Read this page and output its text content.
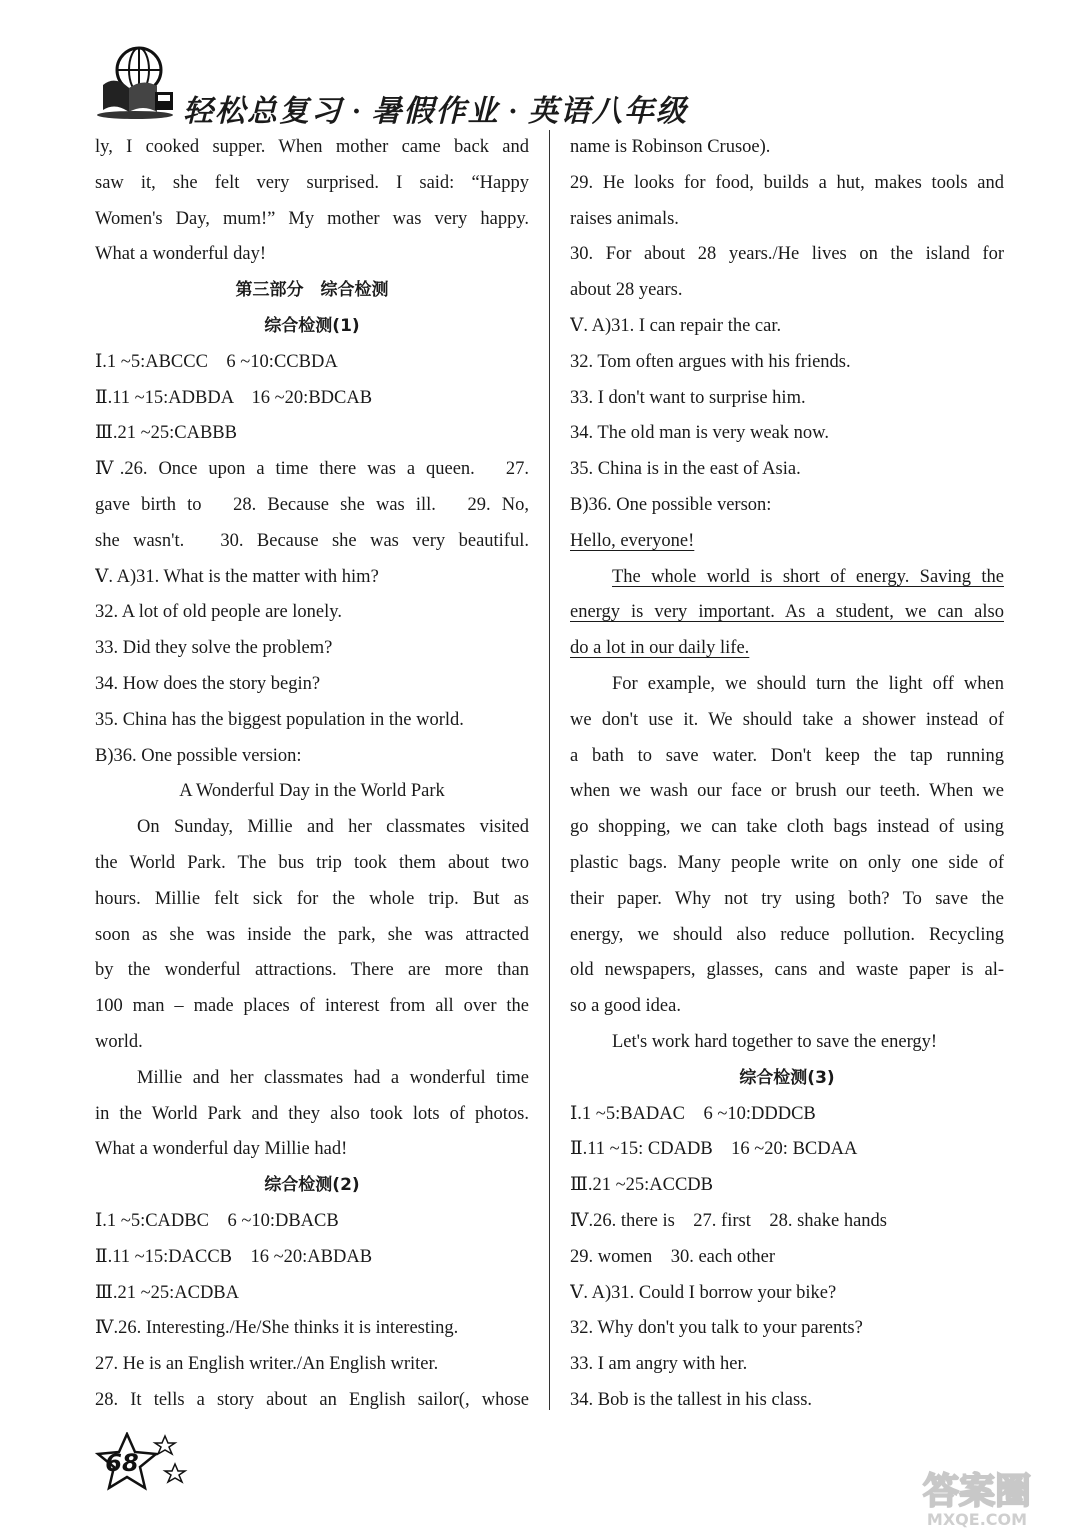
轻松总复习 · 暑假作业 · 英语八年级
ly, I cooked supper. When mother came back and
saw it, she felt very surprised. I said: “Happy
Women's Day, mum!” My mother was very happy.
What a wonderful day!
第三部分　综合检测
综合检测(1)
Ⅰ.1 ~5:ABCCC　6 ~10:CCBDA
Ⅱ.11 ~15:ADBDA　16 ~20:BDCAB
Ⅲ.21 ~25:CABBB
Ⅳ.26. Once upon a time there was a queen.　27.
gave birth to　28. Because she was ill.　29. No,
she wasn't.　30. Because she was very beautiful.
Ⅴ. A)31. What is the matter with him?
32. A lot of old people are lonely.
33. Did they solve the problem?
34. How does the story begin?
35. China has the biggest population in the world.
B)36. One possible version:
A Wonderful Day in the World Park
On Sunday, Millie and her classmates visited
the World Park. The bus trip took them about two
hours. Millie felt sick for the whole trip. But as
soon as she was inside the park, she was attracted
by the wonderful attractions. There are more than
100 man – made places of interest from all over the
world.
Millie and her classmates had a wonderful time
in the World Park and they also took lots of photos.
What a wonderful day Millie had!
综合检测(2)
Ⅰ.1 ~5:CADBC　6 ~10:DBACB
Ⅱ.11 ~15:DACCB　16 ~20:ABDAB
Ⅲ.21 ~25:ACDBA
Ⅳ.26. Interesting./He/She thinks it is interesting.
27. He is an English writer./An English writer.
28. It tells a story about an English sailor(, whose
name is Robinson Crusoe).
29. He looks for food, builds a hut, makes tools and
raises animals.
30. For about 28 years./He lives on the island for
about 28 years.
Ⅴ. A)31. I can repair the car.
32. Tom often argues with his friends.
33. I don't want to surprise him.
34. The old man is very weak now.
35. China is in the east of Asia.
B)36. One possible verson:
Hello, everyone!
The whole world is short of energy. Saving the
energy is very important. As a student, we can also
do a lot in our daily life.
For example, we should turn the light off when
we don't use it. We should take a shower instead of
a bath to save water. Don't keep the tap running
when we wash our face or brush our teeth. When we
go shopping, we can take cloth bags instead of using
plastic bags. Many people write on only one side of
their paper. Why not try using both? To save the
energy, we should also reduce pollution. Recycling
old newspapers, glasses, cans and waste paper is al-
so a good idea.
Let's work hard together to save the energy!
综合检测(3)
Ⅰ.1 ~5:BADAC　6 ~10:DDDCB
Ⅱ.11 ~15: CDADB　16 ~20: BCDAA
Ⅲ.21 ~25:ACCDB
Ⅳ.26. there is　27. first　28. shake hands
29. women　30. each other
Ⅴ. A)31. Could I borrow your bike?
32. Why don't you talk to your parents?
33. I am angry with her.
34. Bob is the tallest in his class.
68
答案圈
MXQE.COM
